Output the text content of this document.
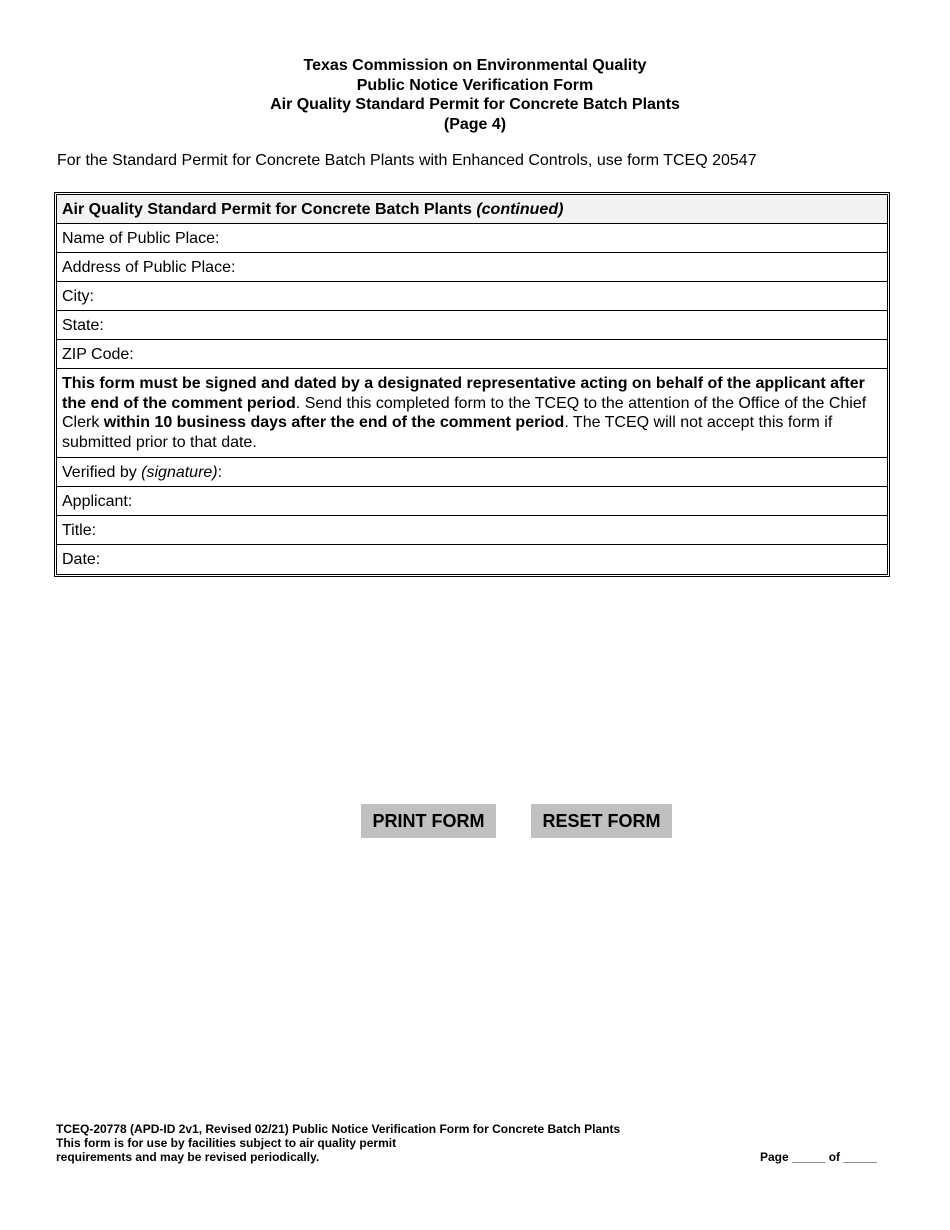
Texas Commission on Environmental Quality
Public Notice Verification Form
Air Quality Standard Permit for Concrete Batch Plants
(Page 4)
For the Standard Permit for Concrete Batch Plants with Enhanced Controls, use form TCEQ 20547
Air Quality Standard Permit for Concrete Batch Plants (continued)
Name of Public Place:
Address of Public Place:
City:
State:
ZIP Code:
This form must be signed and dated by a designated representative acting on behalf of the applicant after the end of the comment period. Send this completed form to the TCEQ to the attention of the Office of the Chief Clerk within 10 business days after the end of the comment period. The TCEQ will not accept this form if submitted prior to that date.
Verified by (signature):
Applicant:
Title:
Date:
PRINT FORM	RESET FORM
TCEQ-20778 (APD-ID 2v1, Revised 02/21) Public Notice Verification Form for Concrete Batch Plants
This form is for use by facilities subject to air quality permit
requirements and may be revised periodically.	Page _____ of _____
